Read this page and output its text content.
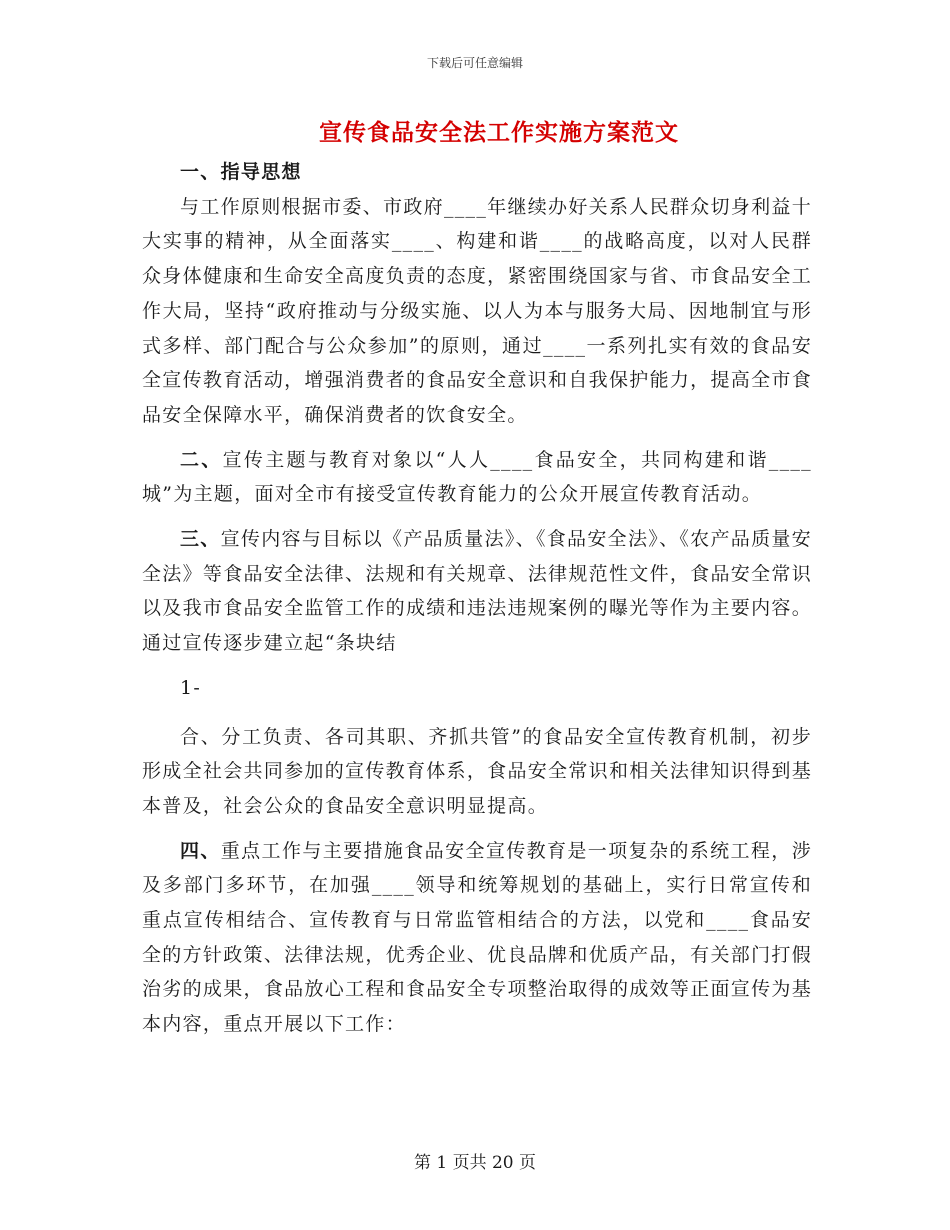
下载后可任意编辑
宣传食品安全法工作实施方案范文

一、指导思想

与工作原则根据市委、市政府____年继续办好关系人民群众切身利益十大实事的精神，从全面落实____、构建和谐____的战略高度，以对人民群众身体健康和生命安全高度负责的态度，紧密围绕国家与省、市食品安全工作大局，坚持“政府推动与分级实施、以人为本与服务大局、因地制宜与形式多样、部门配合与公众参加”的原则，通过____一系列扎实有效的食品安全宣传教育活动，增强消费者的食品安全意识和自我保护能力，提高全市食品安全保障水平，确保消费者的饮食安全。

二、宣传主题与教育对象以“人人____食品安全，共同构建和谐____城”为主题，面对全市有接受宣传教育能力的公众开展宣传教育活动。

三、宣传内容与目标以《产品质量法》、《食品安全法》、《农产品质量安全法》等食品安全法律、法规和有关规章、法律规范性文件，食品安全常识以及我市食品安全监管工作的成绩和违法违规案例的曝光等作为主要内容。通过宣传逐步建立起“条块结

1-

合、分工负责、各司其职、齐抓共管”的食品安全宣传教育机制，初步形成全社会共同参加的宣传教育体系，食品安全常识和相关法律知识得到基本普及，社会公众的食品安全意识明显提高。

四、重点工作与主要措施食品安全宣传教育是一项复杂的系统工程，涉及多部门多环节，在加强____领导和统筹规划的基础上，实行日常宣传和重点宣传相结合、宣传教育与日常监管相结合的方法，以党和____食品安全的方针政策、法律法规，优秀企业、优良品牌和优质产品，有关部门打假治劣的成果，食品放心工程和食品安全专项整治取得的成效等正面宣传为基本内容，重点开展以下工作：

第 1 页共 20 页
